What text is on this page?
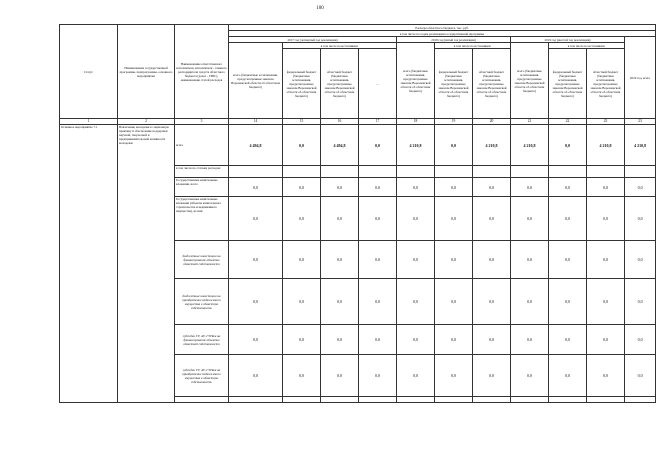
100
Статус	Наименование государственной программы, подпрограммы, основного мероприятия	Наименование ответственного исполнителя, исполнителя - главного распорядителя средств областного бюджета (далее - ГРБС), наименование статей расходов	Расходы областного бюджета, тыс. руб.										
			в том числе по годам реализации государственной программы										
			2017 год (четвертый год реализации)				2018 год (пятый год реализации)			2019 год (шестой год реализации)			2020 год, всего
			всего (бюджетные ассигнования, предусмотренные законом Воронежской области об областном бюджете)	в том числе по источникам:			всего (бюджетные ассигнования, предусмотренные законом Воронежской области об областном бюджете)	в том числе по источникам:		всего (бюджетные ассигнования, предусмотренные законом Воронежской области об областном бюджете)	в том числе по источникам:		
				федеральный бюджет (бюджетные ассигнования, предусмотренные законом Воронежской области об областном бюджете)	областной бюджет (бюджетные ассигнования, предусмотренные законом Воронежской области об областном бюджете)	...		федеральный бюджет (бюджетные ассигнования, предусмотренные законом Воронежской области об областном бюджете)	областной бюджет (бюджетные ассигнования, предусмотренные законом Воронежской области об областном бюджете)		федеральный бюджет (бюджетные ассигнования, предусмотренные законом Воронежской области об областном бюджете)	областной бюджет (бюджетные ассигнования, предусмотренные законом Воронежской области об областном бюджете)	
1	2	3	14	15	16	17	18	19	20	21	22	23	23
Основное мероприятие 7.1	Вовлечение молодежи в социальную практику и обеспечение поддержки научной, творческой и предпринимательской активности молодежи	всего	4 494,8	0,0	4 494,8	0,0	4 210,8	0,0	4 210,8	4 210,8	0,0	4 210,8	4 210,8
		в том числе по статьям расходов:											
		Государственные капитальные вложения, всего	0,0	0,0	0,0	0,0	0,0	0,0	0,0	0,0	0,0	0,0	0,0
		Государственные капитальные вложения (объекты капитального строительства и недвижимого имущества), из них:	0,0	0,0	0,0	0,0	0,0	0,0	0,0	0,0	0,0	0,0	0,0
		бюджетные инвестиции на финансирование объектов областной собственности	0,0	0,0	0,0	0,0	0,0	0,0	0,0	0,0	0,0	0,0	0,0
		бюджетные инвестиции на приобретение недвижимого имущества в областную собственность	0,0	0,0	0,0	0,0	0,0	0,0	0,0	0,0	0,0	0,0	0,0
		субсидии ГУ, АУ, ГУПам на финансирование объектов областной собственности	0,0	0,0	0,0	0,0	0,0	0,0	0,0	0,0	0,0	0,0	0,0
		субсидии ГУ, АУ, ГУПам на приобретение недвижимого имущества в областную собственность	0,0	0,0	0,0	0,0	0,0	0,0	0,0	0,0	0,0	0,0	0,0
